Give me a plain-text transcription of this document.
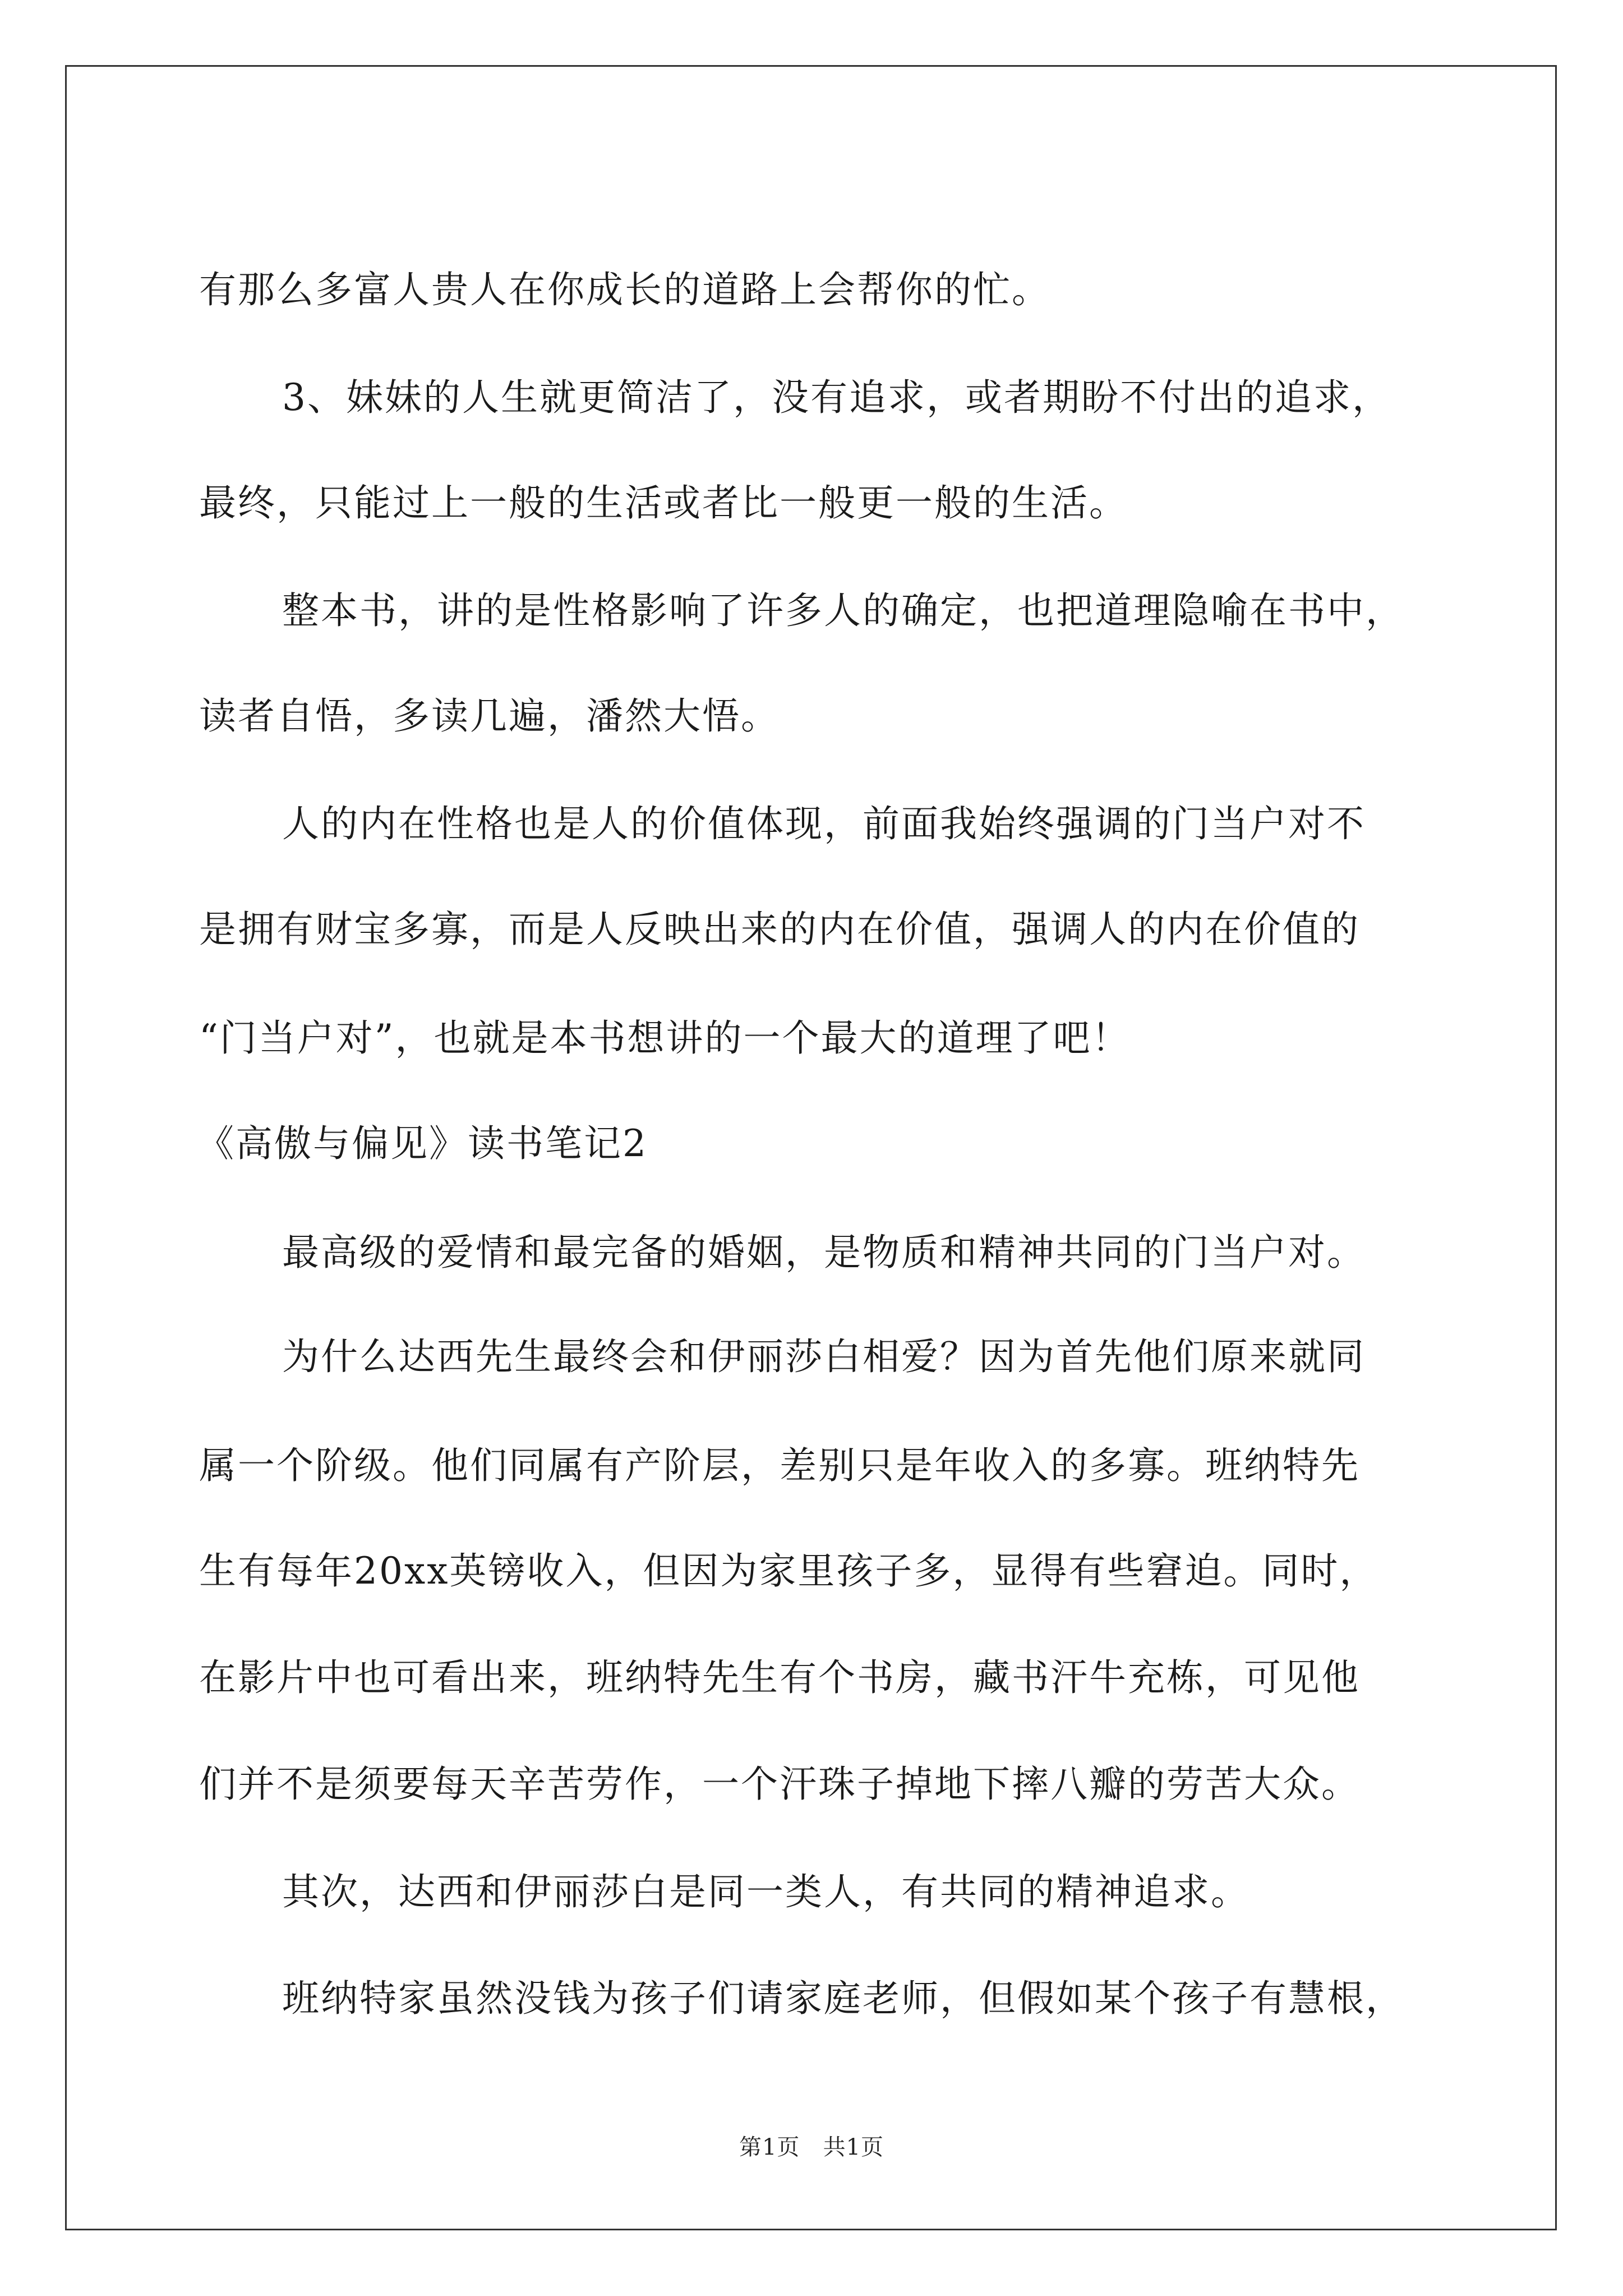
有那么多富人贵人在你成长的道路上会帮你的忙。

3、妹妹的人生就更简洁了，没有追求，或者期盼不付出的追求，

最终，只能过上一般的生活或者比一般更一般的生活。

整本书，讲的是性格影响了许多人的确定，也把道理隐喻在书中，

读者自悟，多读几遍，潘然大悟。

人的内在性格也是人的价值体现，前面我始终强调的门当户对不

是拥有财宝多寡，而是人反映出来的内在价值，强调人的内在价值的

“门当户对”，也就是本书想讲的一个最大的道理了吧！

《高傲与偏见》读书笔记2

最高级的爱情和最完备的婚姻，是物质和精神共同的门当户对。

为什么达西先生最终会和伊丽莎白相爱？因为首先他们原来就同

属一个阶级。他们同属有产阶层，差别只是年收入的多寡。班纳特先

生有每年20xx英镑收入，但因为家里孩子多，显得有些窘迫。同时，

在影片中也可看出来，班纳特先生有个书房，藏书汗牛充栋，可见他

们并不是须要每天辛苦劳作，一个汗珠子掉地下摔八瓣的劳苦大众。

其次，达西和伊丽莎白是同一类人，有共同的精神追求。

班纳特家虽然没钱为孩子们请家庭老师，但假如某个孩子有慧根，

第1页 共1页
